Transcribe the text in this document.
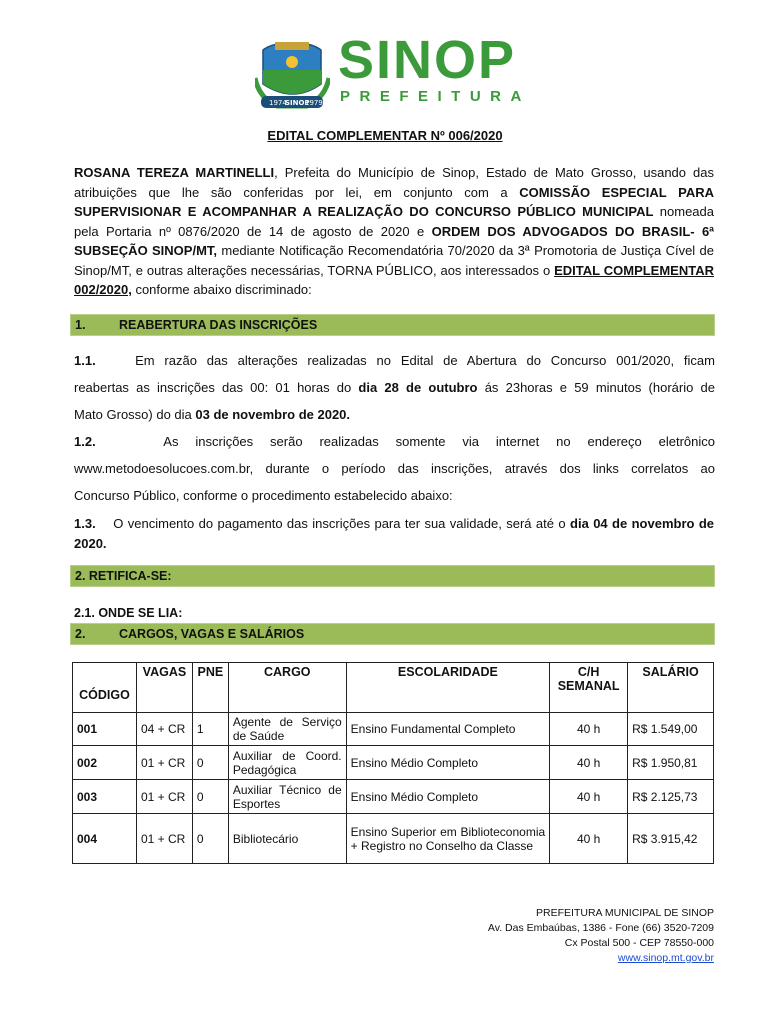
1974
SINOP
1979
SINOP
PREFEITURA
EDITAL COMPLEMENTAR Nº 006/2020
ROSANA TEREZA MARTINELLI, Prefeita do Município de Sinop, Estado de Mato Grosso, usando das atribuições que lhe são conferidas por lei, em conjunto com a COMISSÃO ESPECIAL PARA SUPERVISIONAR E ACOMPANHAR A REALIZAÇÃO DO CONCURSO PÚBLICO MUNICIPAL nomeada pela Portaria nº 0876/2020 de 14 de agosto de 2020 e ORDEM DOS ADVOGADOS DO BRASIL- 6ª SUBSEÇÃO SINOP/MT, mediante Notificação Recomendatória 70/2020 da 3ª Promotoria de Justiça Cível de Sinop/MT, e outras alterações necessárias, TORNA PÚBLICO, aos interessados o EDITAL COMPLEMENTAR 002/2020, conforme abaixo discriminado:
1.	REABERTURA DAS INSCRIÇÕES
1.1.	Em razão das alterações realizadas no Edital de Abertura do Concurso 001/2020, ficam
reabertas as inscrições das 00: 01 horas do dia 28 de outubro ás 23horas e 59 minutos (horário de
Mato Grosso) do dia 03 de novembro de 2020.
1.2.	As inscrições serão realizadas somente via internet no endereço eletrônico
www.metodoesolucoes.com.br, durante o período das inscrições, através dos links correlatos ao
Concurso Público, conforme o procedimento estabelecido abaixo:
1.3. O vencimento do pagamento das inscrições para ter sua validade, será até o dia 04 de novembro de 2020.
2. RETIFICA-SE:
2.1. ONDE SE LIA:
2.	CARGOS, VAGAS E SALÁRIOS
CÓDIGO	VAGAS	PNE	CARGO	ESCOLARIDADE	C/H SEMANAL	SALÁRIO
001	04 + CR	1	Agente de Serviço de Saúde	Ensino Fundamental Completo	40 h	R$ 1.549,00
002	01 + CR	0	Auxiliar de Coord. Pedagógica	Ensino Médio Completo	40 h	R$ 1.950,81
003	01 + CR	0	Auxiliar Técnico de Esportes	Ensino Médio Completo	40 h	R$ 2.125,73
004	01 + CR	0	Bibliotecário	Ensino Superior em Biblioteconomia + Registro no Conselho da Classe	40 h	R$ 3.915,42
PREFEITURA MUNICIPAL DE SINOP
Av. Das Embaúbas, 1386 - Fone (66) 3520-7209
Cx Postal 500 - CEP 78550-000
www.sinop.mt.gov.br
